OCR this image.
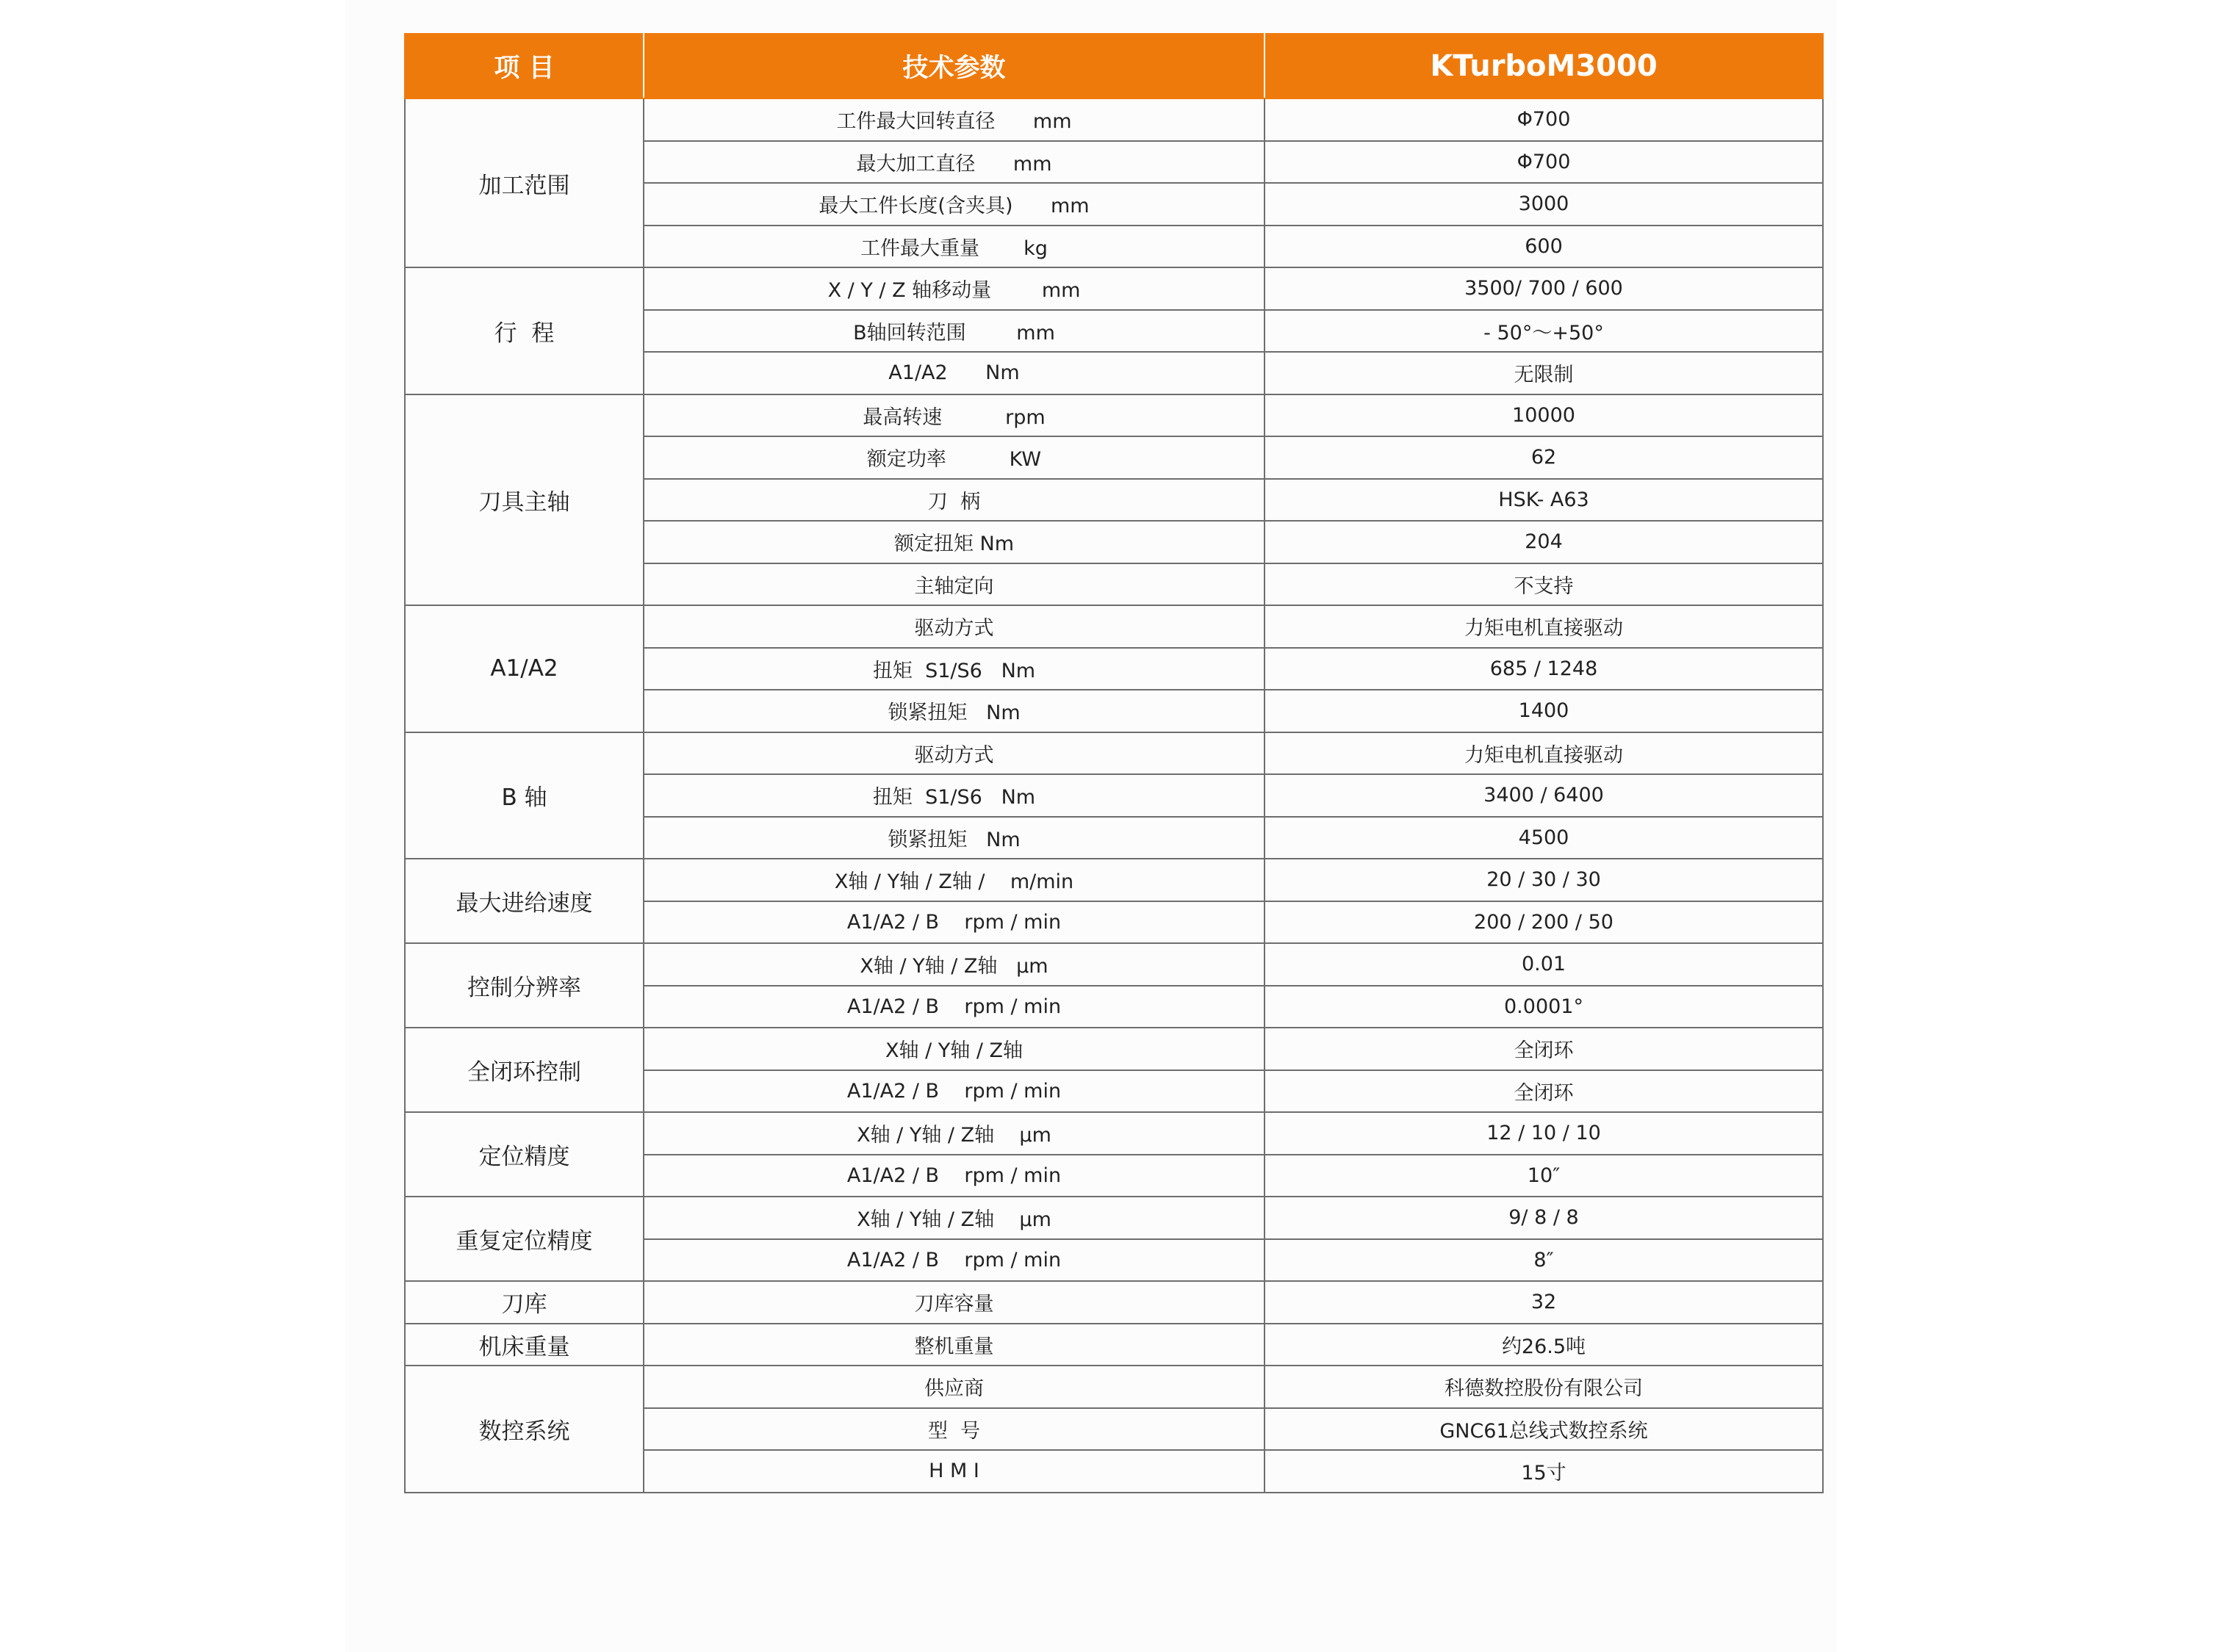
项 目	技术参数	KTurboM3000
加工范围	工件最大回转直径      mm	Φ700
	最大加工直径      mm	Φ700
	最大工件长度(含夹具)      mm	3000
	工件最大重量       kg	600
行  程	X / Y / Z 轴移动量        mm	3500/ 700 / 600
	B轴回转范围        mm	- 50°～+50°
	A1/A2      Nm	无限制
刀具主轴	最高转速          rpm	10000
	额定功率          KW	62
	刀  柄	HSK- A63
	额定扭矩 Nm	204
	主轴定向	不支持
A1/A2	驱动方式	力矩电机直接驱动
	扭矩  S1/S6   Nm	685 / 1248
	锁紧扭矩   Nm	1400
B 轴	驱动方式	力矩电机直接驱动
	扭矩  S1/S6   Nm	3400 / 6400
	锁紧扭矩   Nm	4500
最大进给速度	X轴 / Y轴 / Z轴 /    m/min	20 / 30 / 30
	A1/A2 / B    rpm / min	200 / 200 / 50
控制分辨率	X轴 / Y轴 / Z轴   µm	0.01
	A1/A2 / B    rpm / min	0.0001°
全闭环控制	X轴 / Y轴 / Z轴	全闭环
	A1/A2 / B    rpm / min	全闭环
定位精度	X轴 / Y轴 / Z轴    µm	12 / 10 / 10
	A1/A2 / B    rpm / min	10″
重复定位精度	X轴 / Y轴 / Z轴    µm	9/ 8 / 8
	A1/A2 / B    rpm / min	8″
刀库	刀库容量	32
机床重量	整机重量	约26.5吨
数控系统	供应商	科德数控股份有限公司
	型  号	GNC61总线式数控系统
	H M I	15寸
